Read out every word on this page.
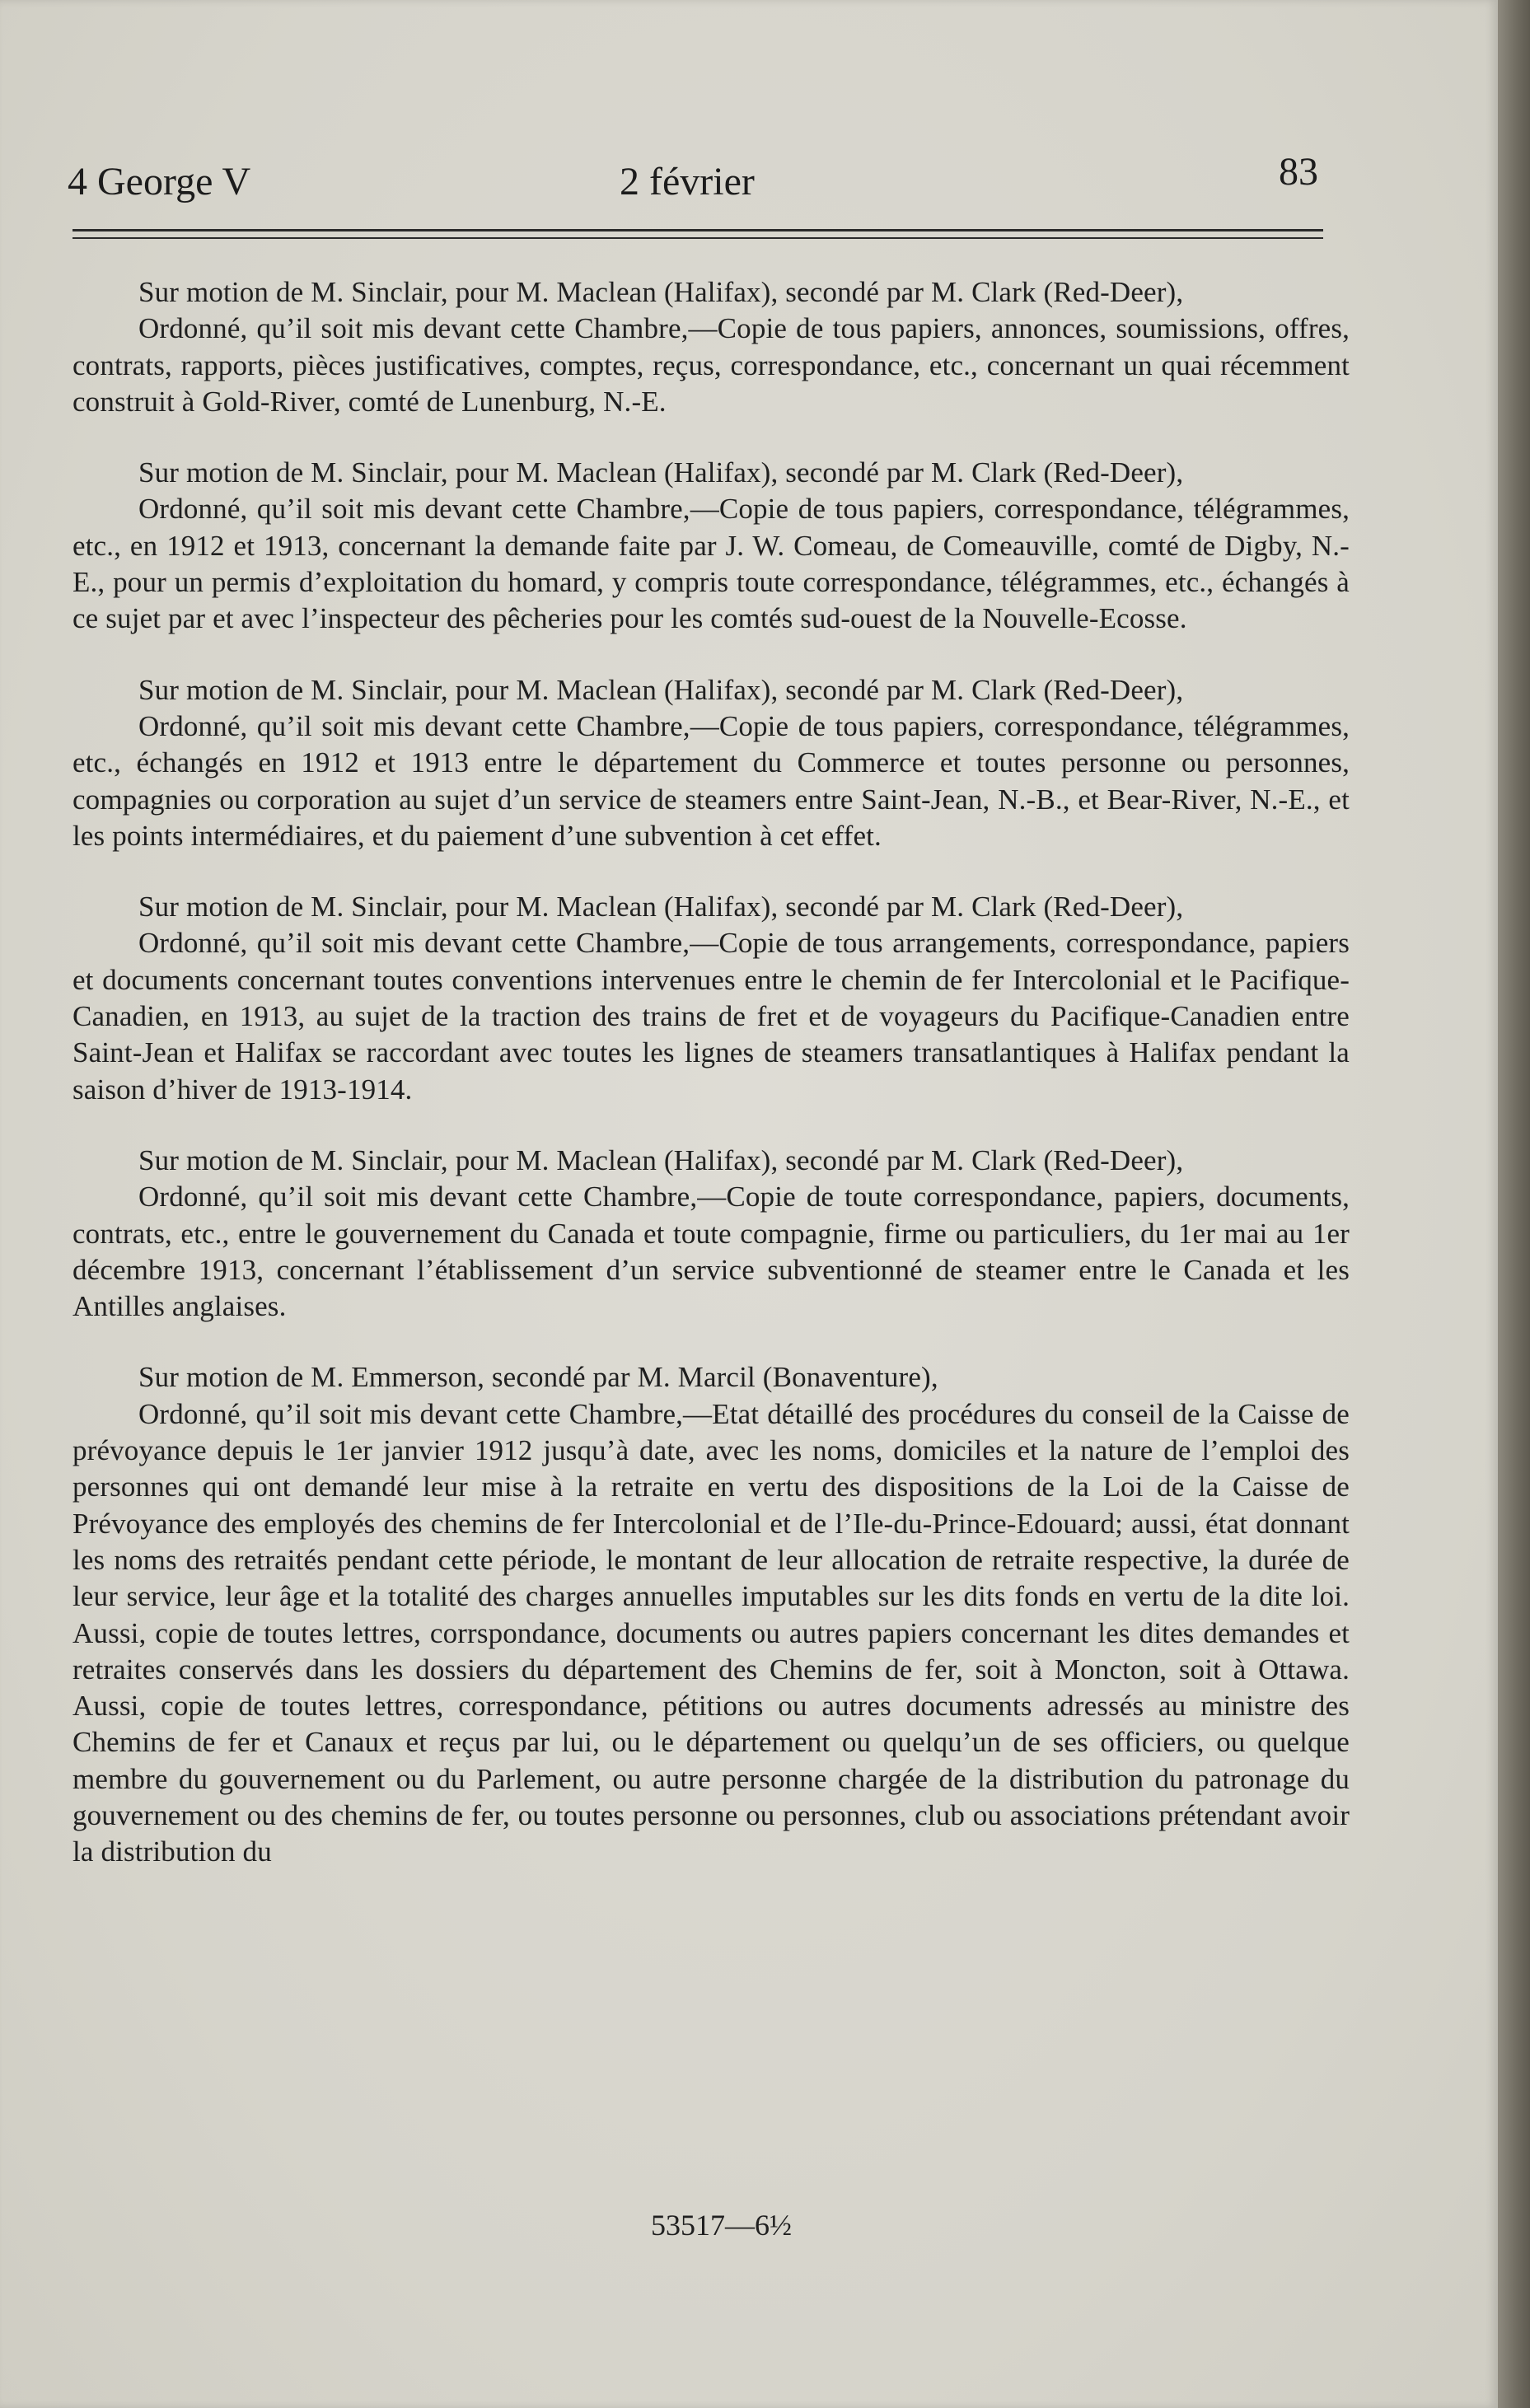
4 George V	2 février	83

Sur motion de M. Sinclair, pour M. Maclean (Halifax), secondé par M. Clark (Red-Deer),

Ordonné, qu’il soit mis devant cette Chambre,—Copie de tous papiers, annonces, soumissions, offres, contrats, rapports, pièces justificatives, comptes, reçus, correspondance, etc., concernant un quai récemment construit à Gold-River, comté de Lunenburg, N.-E.

Sur motion de M. Sinclair, pour M. Maclean (Halifax), secondé par M. Clark (Red-Deer),

Ordonné, qu’il soit mis devant cette Chambre,—Copie de tous papiers, correspondance, télégrammes, etc., en 1912 et 1913, concernant la demande faite par J. W. Comeau, de Comeauville, comté de Digby, N.-E., pour un permis d’exploitation du homard, y compris toute correspondance, télégrammes, etc., échangés à ce sujet par et avec l’inspecteur des pêcheries pour les comtés sud-ouest de la Nouvelle-Ecosse.

Sur motion de M. Sinclair, pour M. Maclean (Halifax), secondé par M. Clark (Red-Deer),

Ordonné, qu’il soit mis devant cette Chambre,—Copie de tous papiers, correspondance, télégrammes, etc., échangés en 1912 et 1913 entre le département du Commerce et toutes personne ou personnes, compagnies ou corporation au sujet d’un service de steamers entre Saint-Jean, N.-B., et Bear-River, N.-E., et les points intermédiaires, et du paiement d’une subvention à cet effet.

Sur motion de M. Sinclair, pour M. Maclean (Halifax), secondé par M. Clark (Red-Deer),

Ordonné, qu’il soit mis devant cette Chambre,—Copie de tous arrangements, correspondance, papiers et documents concernant toutes conventions intervenues entre le chemin de fer Intercolonial et le Pacifique-Canadien, en 1913, au sujet de la traction des trains de fret et de voyageurs du Pacifique-Canadien entre Saint-Jean et Halifax se raccordant avec toutes les lignes de steamers transatlantiques à Halifax pendant la saison d’hiver de 1913-1914.

Sur motion de M. Sinclair, pour M. Maclean (Halifax), secondé par M. Clark (Red-Deer),

Ordonné, qu’il soit mis devant cette Chambre,—Copie de toute correspondance, papiers, documents, contrats, etc., entre le gouvernement du Canada et toute compagnie, firme ou particuliers, du 1er mai au 1er décembre 1913, concernant l’établissement d’un service subventionné de steamer entre le Canada et les Antilles anglaises.

Sur motion de M. Emmerson, secondé par M. Marcil (Bonaventure),

Ordonné, qu’il soit mis devant cette Chambre,—Etat détaillé des procédures du conseil de la Caisse de prévoyance depuis le 1er janvier 1912 jusqu’à date, avec les noms, domiciles et la nature de l’emploi des personnes qui ont demandé leur mise à la retraite en vertu des dispositions de la Loi de la Caisse de Prévoyance des employés des chemins de fer Intercolonial et de l’Ile-du-Prince-Edouard; aussi, état donnant les noms des retraités pendant cette période, le montant de leur allocation de retraite respective, la durée de leur service, leur âge et la totalité des charges annuelles imputables sur les dits fonds en vertu de la dite loi. Aussi, copie de toutes lettres, corrspondance, documents ou autres papiers concernant les dites demandes et retraites conservés dans les dossiers du département des Chemins de fer, soit à Moncton, soit à Ottawa. Aussi, copie de toutes lettres, correspondance, pétitions ou autres documents adressés au ministre des Chemins de fer et Canaux et reçus par lui, ou le département ou quelqu’un de ses officiers, ou quelque membre du gouvernement ou du Parlement, ou autre personne chargée de la distribution du patronage du gouvernement ou des chemins de fer, ou toutes personne ou personnes, club ou associations prétendant avoir la distribution du

53517—6½
